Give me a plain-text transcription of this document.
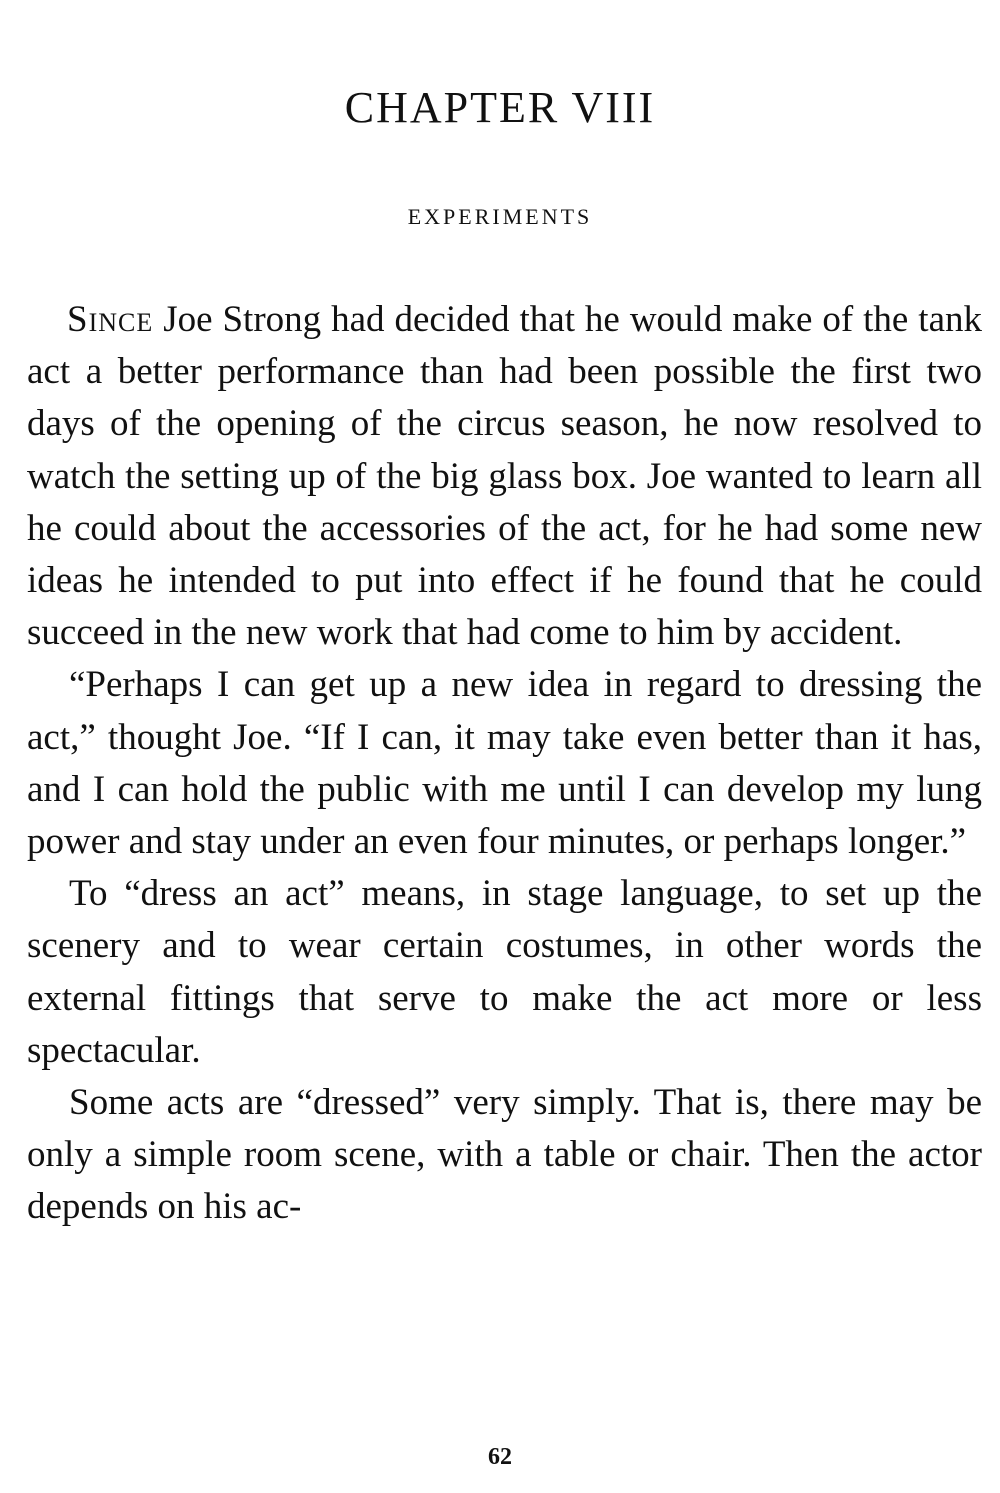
CHAPTER VIII
EXPERIMENTS

Since Joe Strong had decided that he would make of the tank act a better performance than had been possible the first two days of the opening of the circus season, he now resolved to watch the setting up of the big glass box. Joe wanted to learn all he could about the accessories of the act, for he had some new ideas he intended to put into effect if he found that he could succeed in the new work that had come to him by accident.

“Perhaps I can get up a new idea in regard to dressing the act,” thought Joe. “If I can, it may take even better than it has, and I can hold the public with me until I can develop my lung power and stay under an even four minutes, or perhaps longer.”

To “dress an act” means, in stage language, to set up the scenery and to wear certain costumes, in other words the external fittings that serve to make the act more or less spectacular.

Some acts are “dressed” very simply. That is, there may be only a simple room scene, with a table or chair. Then the actor depends on his ac-

62
